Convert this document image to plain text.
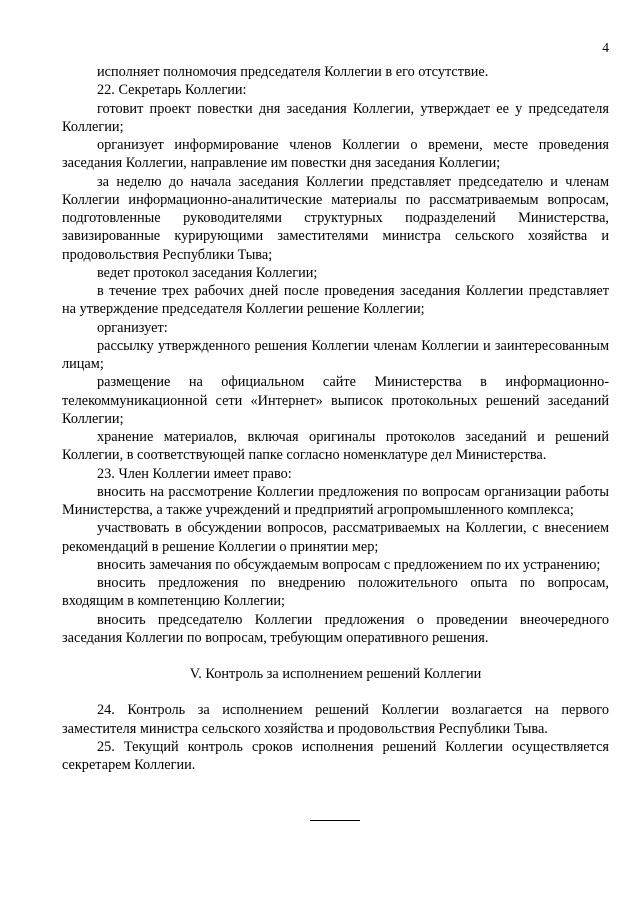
4

исполняет полномочия председателя Коллегии в его отсутствие.

22. Секретарь Коллегии:

готовит проект повестки дня заседания Коллегии, утверждает ее у председателя Коллегии;

организует информирование членов Коллегии о времени, месте проведения заседания Коллегии, направление им повестки дня заседания Коллегии;

за неделю до начала заседания Коллегии представляет председателю и членам Коллегии информационно-аналитические материалы по рассматриваемым вопросам, подготовленные руководителями структурных подразделений Министерства, завизированные курирующими заместителями министра сельского хозяйства и продовольствия Республики Тыва;

ведет протокол заседания Коллегии;

в течение трех рабочих дней после проведения заседания Коллегии представляет на утверждение председателя Коллегии решение Коллегии;

организует:

рассылку утвержденного решения Коллегии членам Коллегии и заинтересованным лицам;

размещение на официальном сайте Министерства в информационно-телекоммуникационной сети «Интернет» выписок протокольных решений заседаний Коллегии;

хранение материалов, включая оригиналы протоколов заседаний и решений Коллегии, в соответствующей папке согласно номенклатуре дел Министерства.

23. Член Коллегии имеет право:

вносить на рассмотрение Коллегии предложения по вопросам организации работы Министерства, а также учреждений и предприятий агропромышленного комплекса;

участвовать в обсуждении вопросов, рассматриваемых на Коллегии, с внесением рекомендаций в решение Коллегии о принятии мер;

вносить замечания по обсуждаемым вопросам с предложением по их устранению;

вносить предложения по внедрению положительного опыта по вопросам, входящим в компетенцию Коллегии;

вносить председателю Коллегии предложения о проведении внеочередного заседания Коллегии по вопросам, требующим оперативного решения.

V. Контроль за исполнением решений Коллегии

24. Контроль за исполнением решений Коллегии возлагается на первого заместителя министра сельского хозяйства и продовольствия Республики Тыва.

25. Текущий контроль сроков исполнения решений Коллегии осуществляется секретарем Коллегии.
